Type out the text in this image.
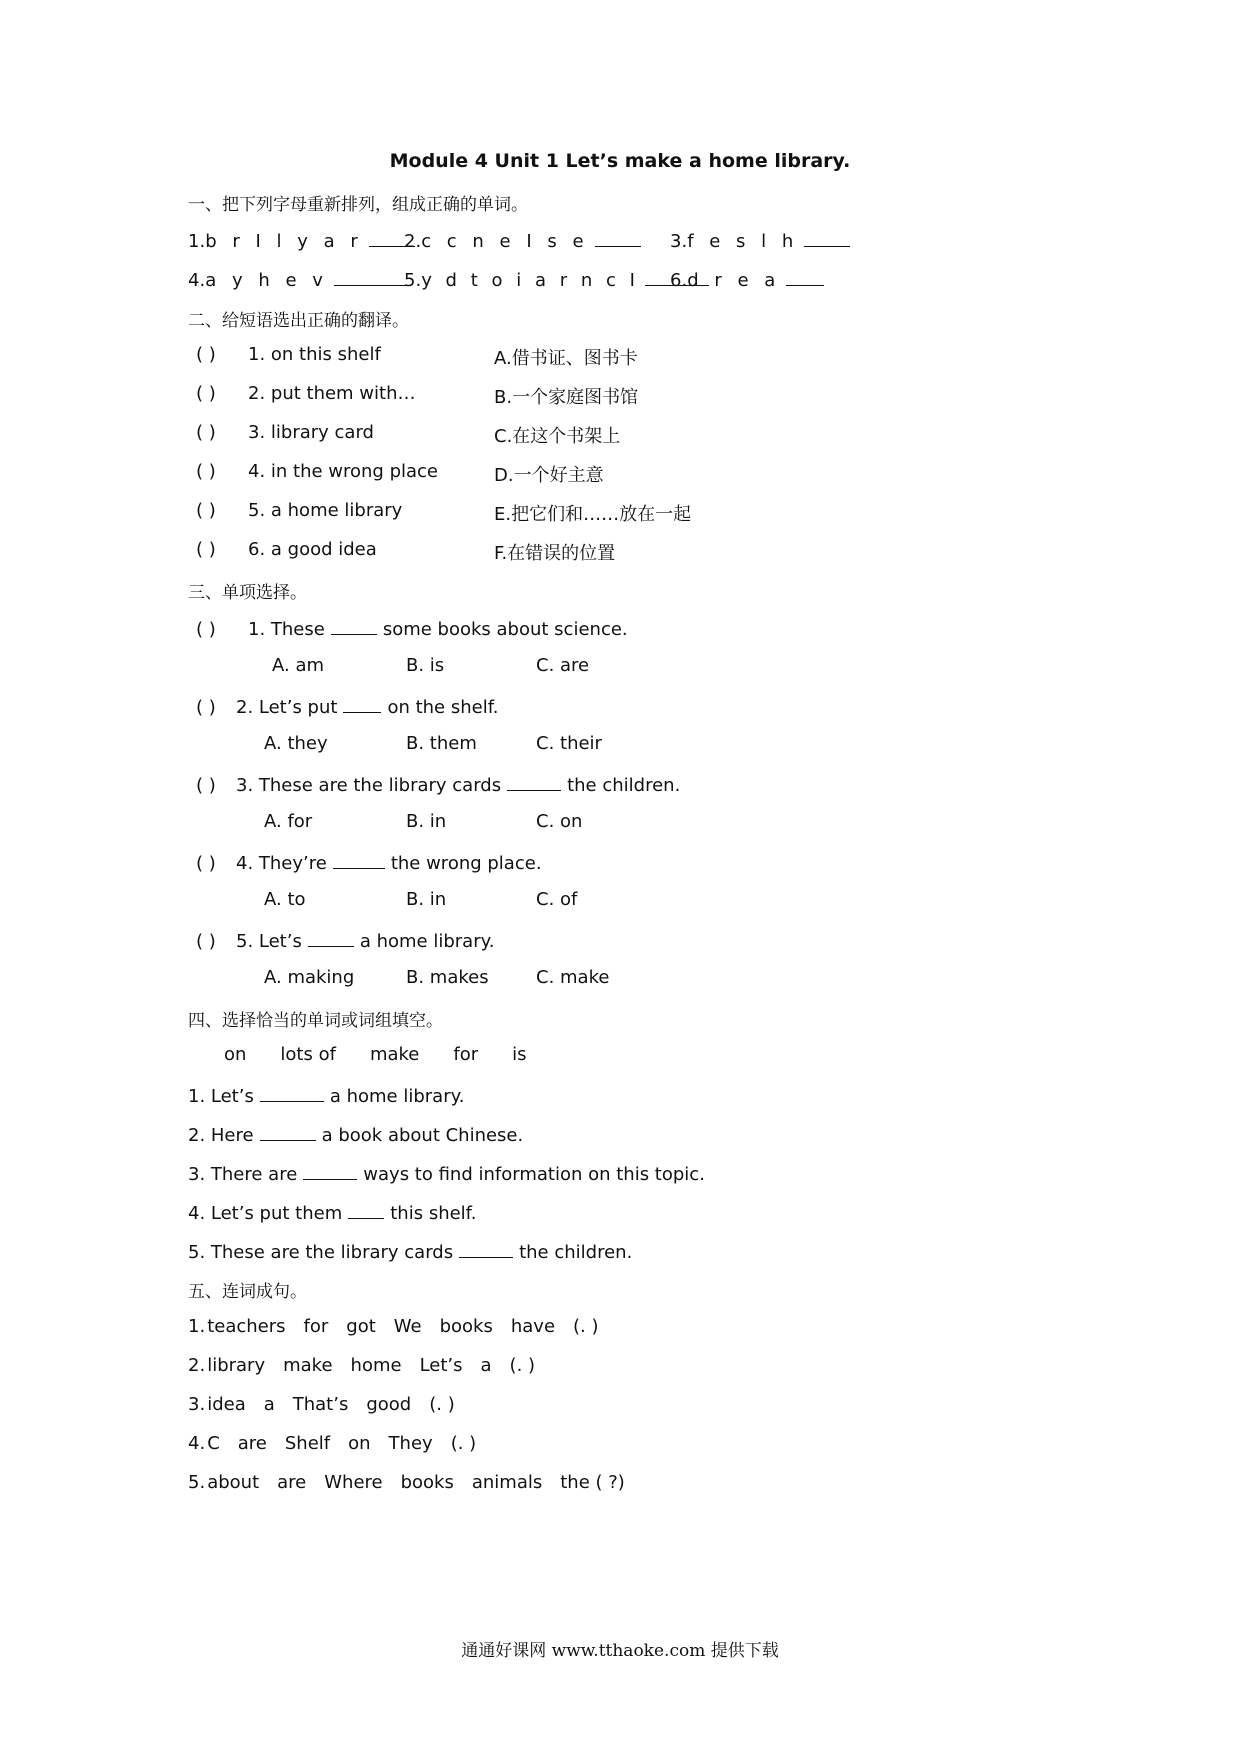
Module 4 Unit 1 Let’s make a home library.
一、把下列字母重新排列，组成正确的单词。
1.b r I l y a r	2.c c n e I s e	3.f e s l h
4.a y h e v	5.y d t o i a r n c I	6.d r e a
二、给短语选出正确的翻译。
( ) 1. on this shelf	A.借书证、图书卡
( ) 2. put them with…	B.一个家庭图书馆
( ) 3. library card	C.在这个书架上
( ) 4. in the wrong place	D.一个好主意
( ) 5. a home library	E.把它们和……放在一起
( ) 6. a good idea	F.在错误的位置
三、单项选择。
( ) 1. These	some books about science.
A. am	B. is	C. are
( ) 2. Let’s put	on the shelf.
A. they	B. them	C. their
( ) 3. These are the library cards	the children.
A. for	B. in	C. on
( ) 4. They’re	the wrong place.
A. to	B. in	C. of
( ) 5. Let’s	a home library.
A. making	B. makes	C. make
四、选择恰当的单词或词组填空。
on lots of make for is
1. Let’s	a home library.
2. Here	a book about Chinese.
3. There are	ways to find information on this topic.
4. Let’s put them	this shelf.
5. These are the library cards	the children.
五、连词成句。
1. teachers for got We books have (. )
2. library make home Let’s a (. )
3. idea a That’s good (. )
4. C are Shelf on They (. )
5. about are Where books animals the ( ?)
通通好课网 www.tthaoke.com 提供下载
